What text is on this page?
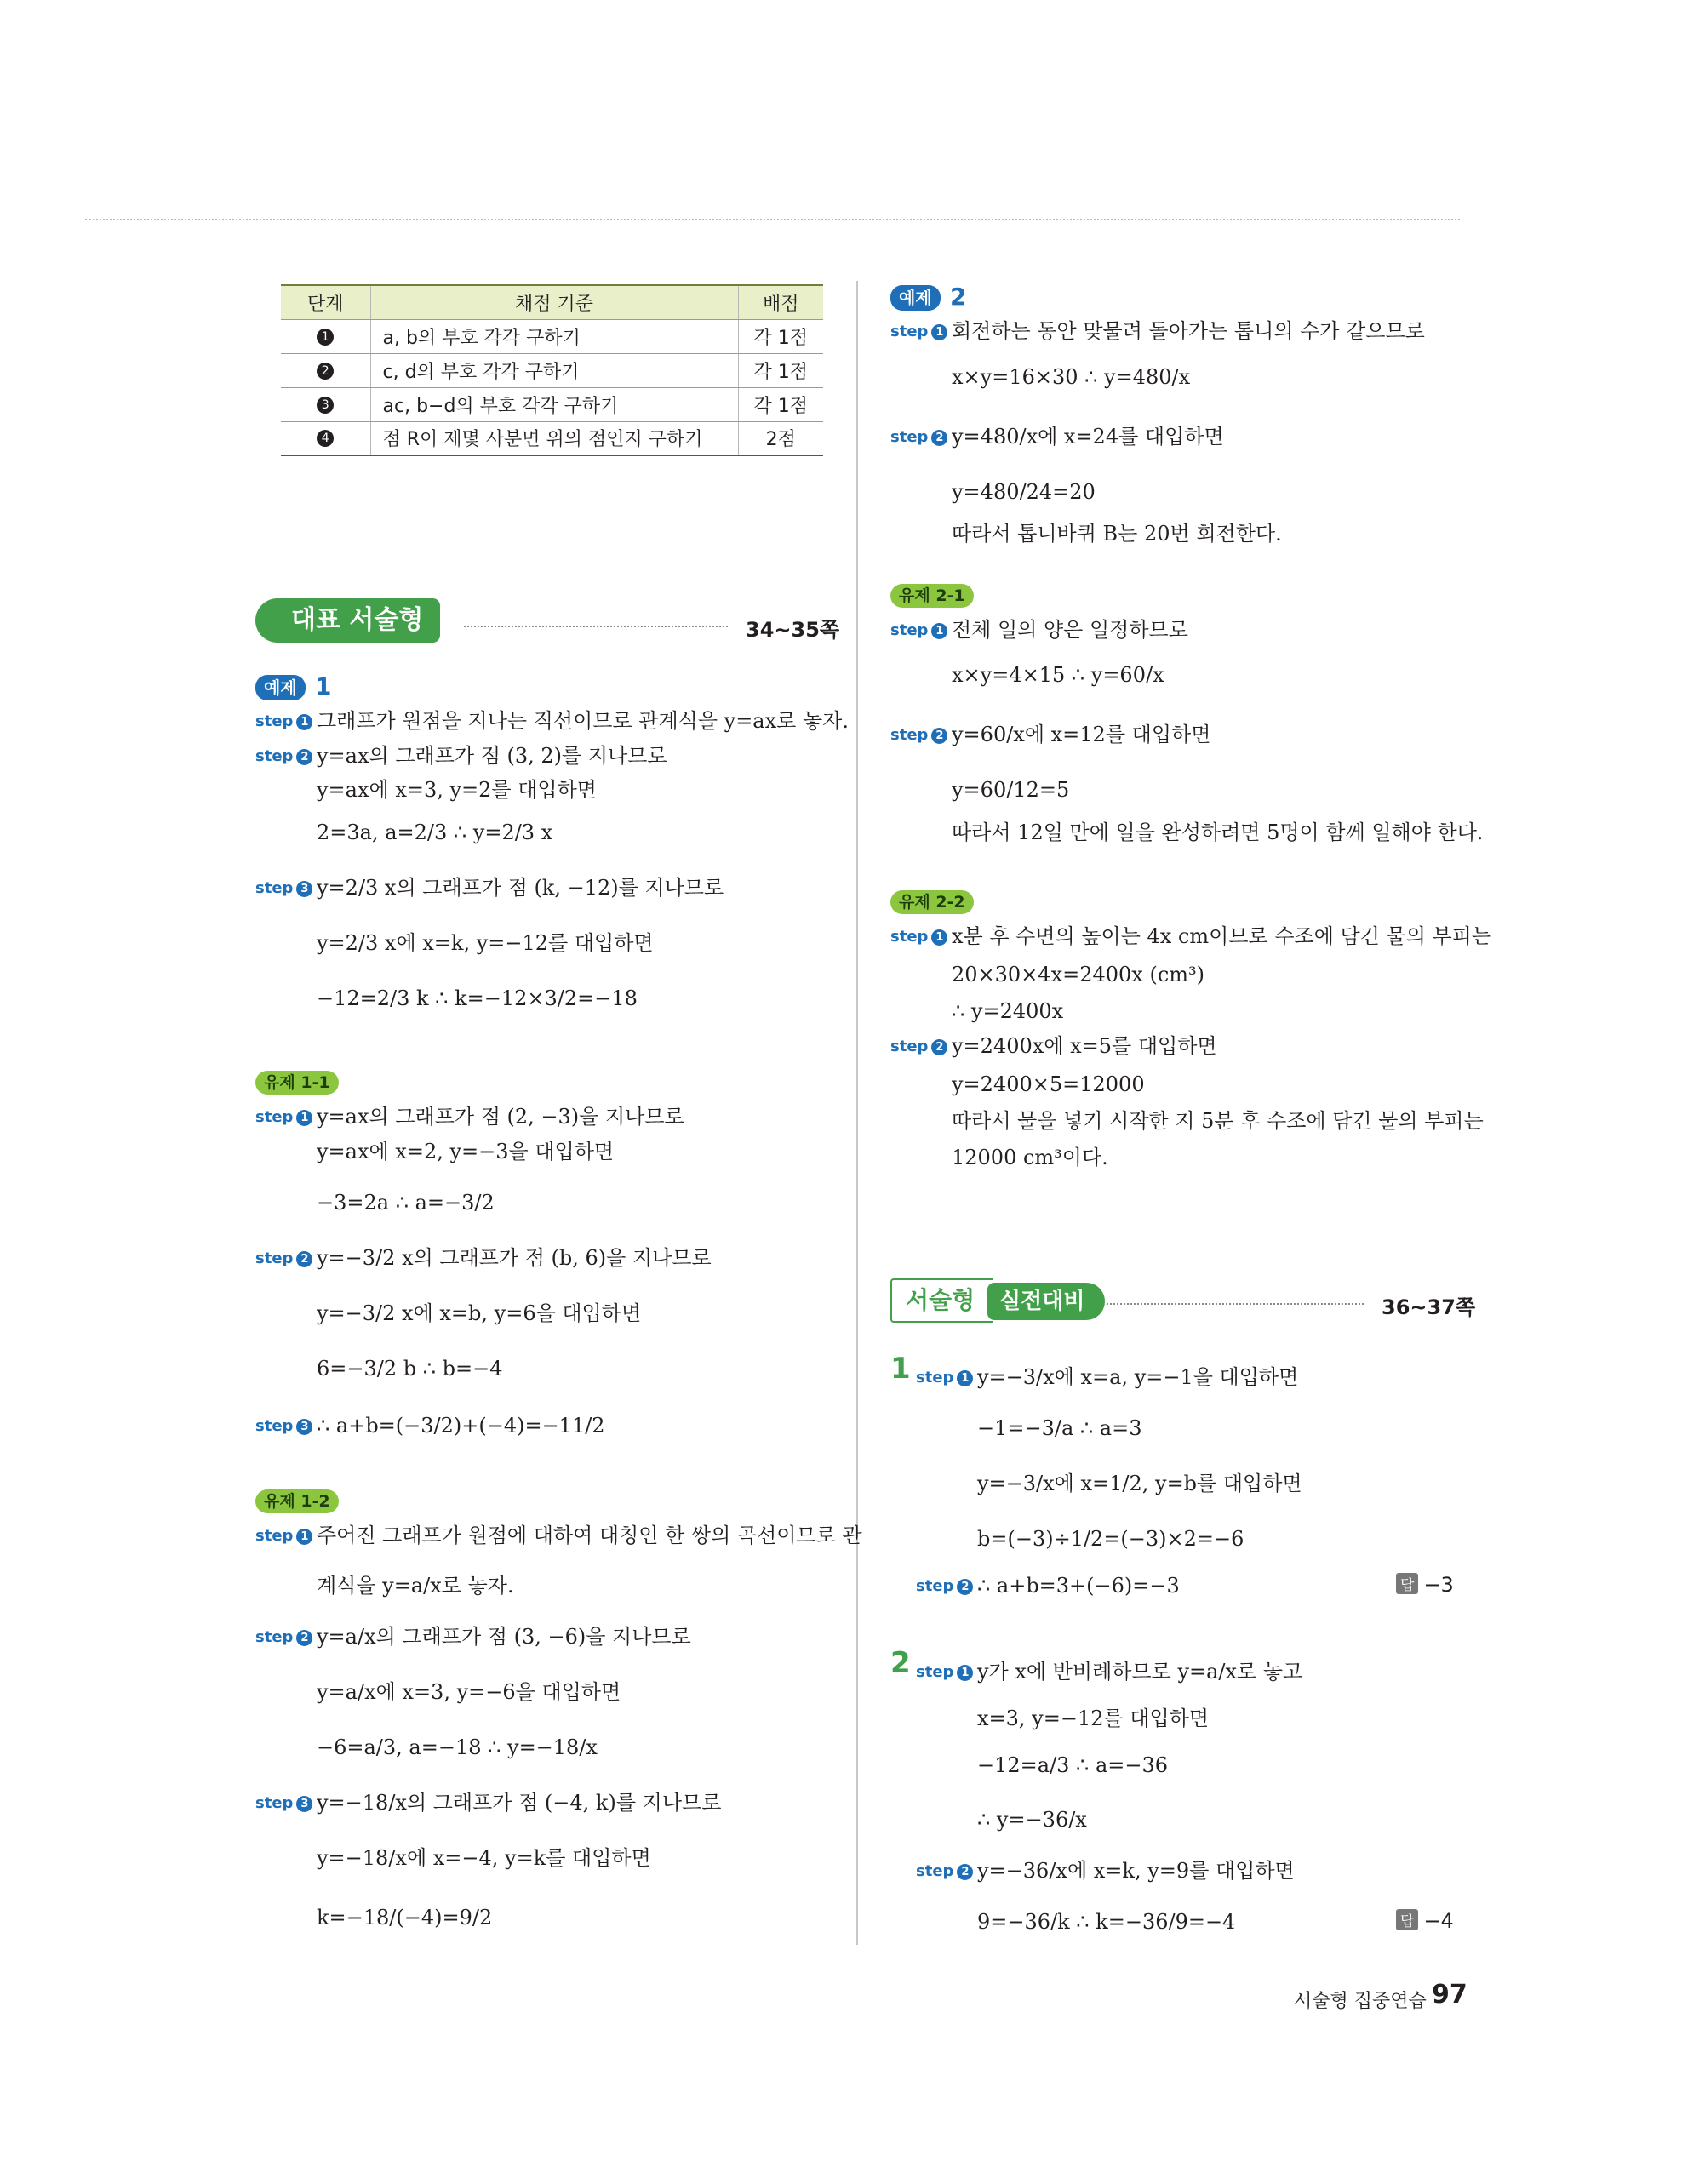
단계	채점 기준	배점
1	a, b의 부호 각각 구하기	각 1점
2	c, d의 부호 각각 구하기	각 1점
3	ac, b−d의 부호 각각 구하기	각 1점
4	점 R이 제몇 사분면 위의 점인지 구하기	2점
대표 서술형	34~35쪽
예제 1
step 1 그래프가 원점을 지나는 직선이므로 관계식을 y=ax로 놓자.
step 2 y=ax의 그래프가 점 (3, 2)를 지나므로
y=ax에 x=3, y=2를 대입하면
2=3a, a=2/3 ∴ y=2/3 x
step 3 y=2/3 x의 그래프가 점 (k, −12)를 지나므로
y=2/3 x에 x=k, y=−12를 대입하면
−12=2/3 k ∴ k=−12×3/2=−18
유제 1-1
step 1 y=ax의 그래프가 점 (2, −3)을 지나므로
y=ax에 x=2, y=−3을 대입하면
−3=2a ∴ a=−3/2
step 2 y=−3/2 x의 그래프가 점 (b, 6)을 지나므로
y=−3/2 x에 x=b, y=6을 대입하면
6=−3/2 b ∴ b=−4
step 3 ∴ a+b=(−3/2)+(−4)=−11/2
유제 1-2
step 1 주어진 그래프가 원점에 대하여 대칭인 한 쌍의 곡선이므로 관
계식을 y=a/x로 놓자.
step 2 y=a/x의 그래프가 점 (3, −6)을 지나므로
y=a/x에 x=3, y=−6을 대입하면
−6=a/3, a=−18 ∴ y=−18/x
step 3 y=−18/x의 그래프가 점 (−4, k)를 지나므로
y=−18/x에 x=−4, y=k를 대입하면
k=−18/(−4)=9/2
예제 2
step 1 회전하는 동안 맞물려 돌아가는 톱니의 수가 같으므로
x×y=16×30 ∴ y=480/x
step 2 y=480/x에 x=24를 대입하면
y=480/24=20
따라서 톱니바퀴 B는 20번 회전한다.
유제 2-1
step 1 전체 일의 양은 일정하므로
x×y=4×15 ∴ y=60/x
step 2 y=60/x에 x=12를 대입하면
y=60/12=5
따라서 12일 만에 일을 완성하려면 5명이 함께 일해야 한다.
유제 2-2
step 1 x분 후 수면의 높이는 4x cm이므로 수조에 담긴 물의 부피는
20×30×4x=2400x (cm³)
∴ y=2400x
step 2 y=2400x에 x=5를 대입하면
y=2400×5=12000
따라서 물을 넣기 시작한 지 5분 후 수조에 담긴 물의 부피는
12000 cm³이다.
1 step 1 y=−3/x에 x=a, y=−1을 대입하면
−1=−3/a ∴ a=3
y=−3/x에 x=1/2, y=b를 대입하면
b=(−3)÷1/2=(−3)×2=−6
step 2 ∴ a+b=3+(−6)=−3	답 −3
2 step 1 y가 x에 반비례하므로 y=a/x로 놓고
x=3, y=−12를 대입하면
−12=a/3 ∴ a=−36
∴ y=−36/x
step 2 y=−36/x에 x=k, y=9를 대입하면
9=−36/k ∴ k=−36/9=−4	답 −4
서술형	실전대비	36~37쪽
서술형 집중연습 97
